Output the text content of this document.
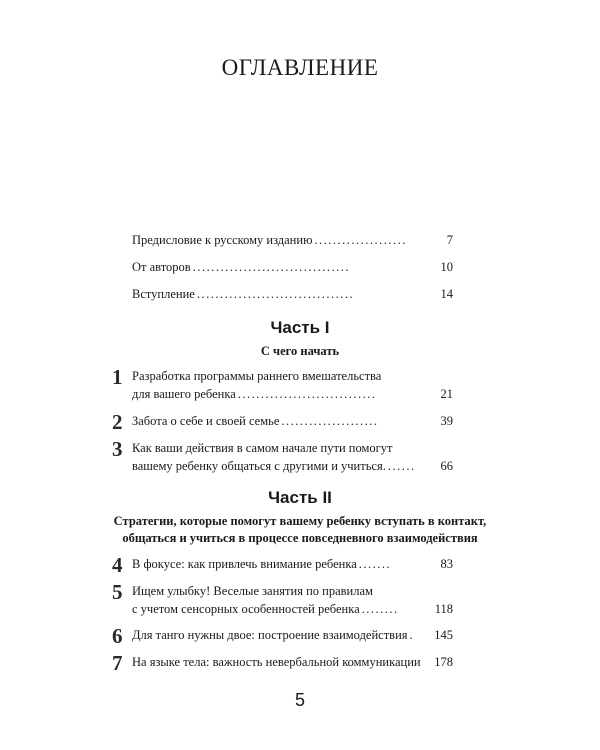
ОГЛАВЛЕНИЕ
Предисловие к русскому изданию ....................	7
От авторов ..................................	10
Вступление ..................................	14
Часть I
С чего начать
1 Разработка программы раннего вмешательства
для вашего ребенка ..............................	21
2 Забота о себе и своей семье .....................	39
3 Как ваши действия в самом начале пути помогут
вашему ребенку общаться с другими и учиться. ......	66
Часть II
Стратегии, которые помогут вашему ребенку вступать в контакт,
общаться и учиться в процессе повседневного взаимодействия
4 В фокусе: как привлечь внимание ребенка .......	83
5 Ищем улыбку! Веселые занятия по правилам
с учетом сенсорных особенностей ребенка ........	118
6 Для танго нужны двое: построение взаимодействия .	145
7 На языке тела: важность невербальной коммуникации	178
5
